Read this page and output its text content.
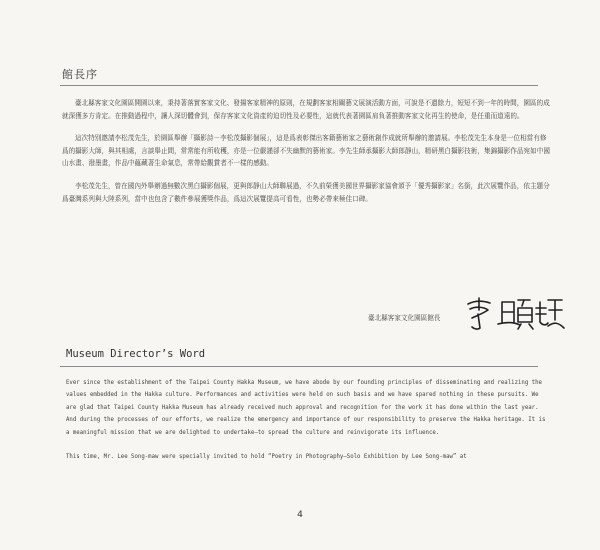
館長序

臺北縣客家文化園區開園以來，秉持著落實客家文化、發揚客家精神的原則，在規劃客家相關藝文展演活動方面，可說是不遺餘力，短短不到一年的時間，園區的成就深獲多方肯定。在推動過程中，讓人深切體會到，保存客家文化資產的迫切性及必要性，這就代表著園區肩負著推動客家文化再生的使命，是任重而道遠的。

這次特別邀請李松茂先生，於園區舉辦「攝影詩－李松茂攝影個展」，這是爲表彰傑出客籍藝術家之藝術創作成就所舉辦的邀請展。李松茂先生本身是一位相當有修爲的攝影大師，與其相處，言談舉止間，常常能有所收穫，亦是一位嚴謹卻不失幽默的藝術家。李先生師承攝影大師郎靜山，精研黑白攝影技術，集錦攝影作品宛如中國山水畫、潑墨畫，作品中蘊藏著生命氣息，常帶給觀賞者不一樣的感動。

李松茂先生，曾在國內外舉辦過無數次黑白攝影個展，更與郎靜山大師聯展過，不久前榮獲美國世界攝影家協會頒予「優秀攝影家」名銜，此次展覽作品，依主題分爲臺灣系列與大陸系列，當中也包含了數件參展獲獎作品，爲這次展覽提高可看性，也勢必帶來極佳口碑。

臺北縣客家文化園區館長
Museum Director’s Word

Ever since the establishment of the Taipei County Hakka Museum, we have abode by our founding principles of disseminating and realizing the values embedded in the Hakka culture. Performances and activities were held on such basis and we have spared nothing in these pursuits. We are glad that Taipei County Hakka Museum has already received much approval and recognition for the work it has done within the last year. And during the processes of our efforts, we realize the emergency and importance of our responsibility to preserve the Hakka heritage. It is a meaningful mission that we are delighted to undertake—to spread the culture and reinvigorate its influence.

This time, Mr. Lee Song-maw were specially invited to hold “Poetry in Photography—Solo Exhibition by Lee Song-maw” at

4
